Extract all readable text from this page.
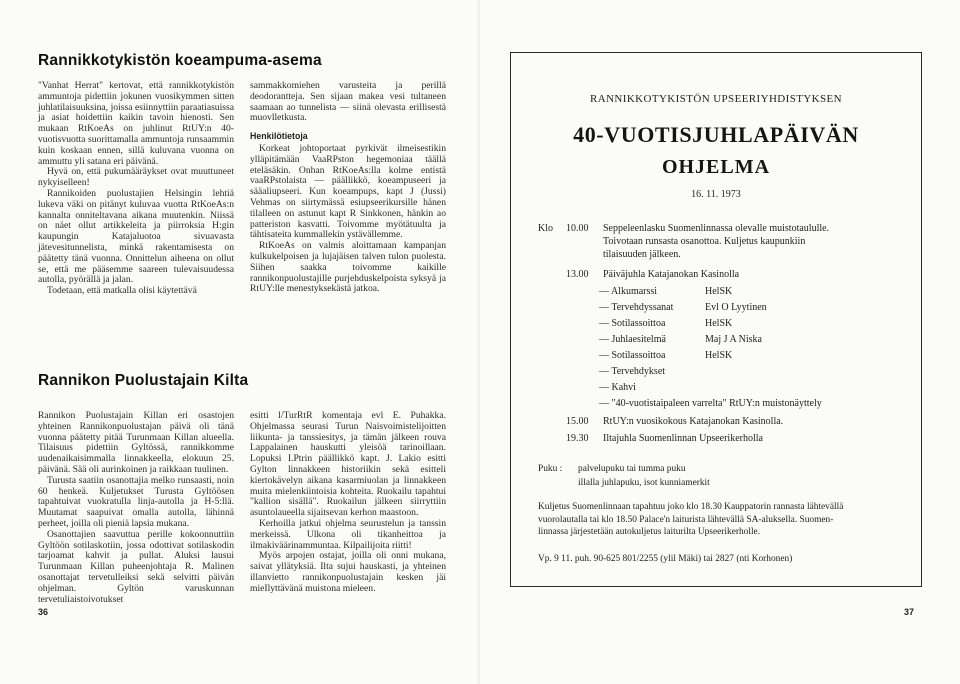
Rannikkotykistön koeampuma-asema

"Vanhat Herrat" kertovat, että rannikkotykistön ammuntoja pidettiin jokunen vuosikymmen sitten juhlatilaisuuksina, joissa esiinnyttiin paraatiasuissa ja asiat hoidettiin kaikin tavoin hienosti. Sen mukaan RtKoeAs on juhlinut RtUY:n 40- vuotisvuotta suorittamalla ammuntoja runsaammin kuin koskaan ennen, sillä kuluvana vuonna on ammuttu yli satana eri päivänä.

Hyvä on, että pukumääräykset ovat muuttuneet nykyiselleen!

Rannikoiden puolustajien Helsingin lehtiä lukeva väki on pitänyt kuluvaa vuotta RtKoeAs:n kannalta onniteltavana aikana muutenkin. Niissä on näet ollut artikkeleita ja piirroksia H:gin kaupungin Katajaluotoa sivuavasta jätevesitunnelista, minkä rakentamisesta on päätetty tänä vuonna. Onnittelun aiheena on ollut se, että me pääsemme saareen tulevaisuudessa autolla, pyörällä ja jalan.

Todetaan, että matkalla olisi käytettävä

sammakkomiehen varusteita ja perillä deodorantteja. Sen sijaan makea vesi tultaneen saamaan ao tunnelista — siinä olevasta erillisestä muovlletkusta.

Henkilötietoja

Korkeat johtoportaat pyrkivät ilmeisestikin ylläpitämään VaaRPston hegemoniaa täällä eteläsäkin. Onhan RtKoeAs:lla kolme entistä vaaRPstolaista — päällikkö, koeampuseeri ja sääaliupseeri. Kun koeampups, kapt J (Jussi) Vehmas on siirtymässä esiupseerikursille hänen tilalleen on astunut kapt R Sinkkonen, hänkin ao patteriston kasvatti. Toivomme myötätuulta ja tähtisateita kummallekin ystävällemme.

RtKoeAs on valmis aloittamaan kampanjan kulkukelpoisen ja lujajäisen talven tulon puolesta. Siihen saakka toivomme kaikille rannikonpuolustajille purjehduskelpoista syksyä ja RtUY:lle menestyksekästä jatkoa.

Rannikon Puolustajain Kilta

Rannikon Puolustajain Killan eri osastojen yhteinen Rannikonpuolustajan päivä oli tänä vuonna päätetty pitää Turunmaan Killan alueella. Tilaisuus pidettiin Gyltössä, rannikkomme uudenaikaisimmalla linnakkeella, elokuun 25. päivänä. Sää oli aurinkoinen ja raikkaan tuulinen.

Turusta saatiin osanottajia melko runsaasti, noin 60 henkeä. Kuljetukset Turusta Gyltöösen tapahtuivat vuokratulla linja-autolla ja H-5:llä. Muutamat saapuivat omalla autolla, lähinnä perheet, joilla oli pieniä lapsia mukana.

Osanottajien saavuttua perille kokoonnuttiin Gyltöön sotilaskotiin, jossa odottivat sotilaskodin tarjoamat kahvit ja pullat. Aluksi lausui Turunmaan Killan puheenjohtaja R. Malinen osanottajat tervetulleiksi sekä selvitti päivän ohjelman. Gyltön varuskunnan tervetuliaistoivotukset

esitti l/TurRtR komentaja evl E. Puhakka. Ohjelmassa seurasi Turun Naisvoimistelijoitten liikunta- ja tanssiesitys, ja tämän jälkeen rouva Lappalainen hauskutti yleisöä tarinoillaan. Lopuksi I.Ptrin päällikkö kapt. J. Lakio esitti Gylton linnakkeen historiikin sekä esitteli kiertokävelyn aikana kasarmiuolan ja linnakkeen muita mielenkiintoisia kohteita. Ruokailu tapahtui "kallion sisällä". Ruokailun jälkeen siirryttiin asuntolaueella sijaitsevan kerhon maastoon.

Kerhoilla jatkui ohjelma seurustelun ja tanssin merkeissä. Ulkona oli tikanheittoa ja ilmakiväärinammuntaa. Kilpailijoita riitti!

Myös arpojen ostajat, joilla oli onni mukana, saivat yllätyksiä. Ilta sujui hauskasti, ja yhteinen illanvietto rannikonpuolustajain kesken jäi mieIlyttävänä muistona mieleen.

36
RANNIKKOTYKISTÖN UPSEERIYHDISTYKSEN
40-VUOTISJUHLAPÄIVÄN
OHJELMA
16. 11. 1973
Klo 10.00 Seppeleenlasku Suomenlinnassa olevalle muistotaululle.
Toivotaan runsasta osanottoa. Kuljetus kaupunkiin
tilaisuuden jälkeen.
13.00 Päiväjuhla Katajanokan Kasinolla
— Alkumarssi	HelSK
— Tervehdyssanat	Evl O Lyytinen
— Sotilassoittoa	HelSK
— Juhlaesitelmä	Maj J A Niska
— Sotilassoittoa	HelSK
— Tervehdykset
— Kahvi
— "40-vuotistaipaleen varrelta" RtUY:n muistonäyttely
15.00 RtUY:n vuosikokous Katajanokan Kasinolla.
19.30 Iltajuhla Suomenlinnan Upseerikerholla
Puku : palvelupuku tai tumma puku
illalla juhlapuku, isot kunniamerkit
Kuljetus Suomenlinnaan tapahtuu joko klo 18.30 Kauppatorin rannasta lähtevällä
vuorolautalla tai klo 18.50 Palace'n laiturista lähtevällä SA-aluksella. Suomen-
linnassa järjestetään autokuljetus laiturilta Upseerikerholle.
Vp. 9 11. puh. 90-625 801/2255 (ylil Mäki) tai 2827 (nti Korhonen)
37
